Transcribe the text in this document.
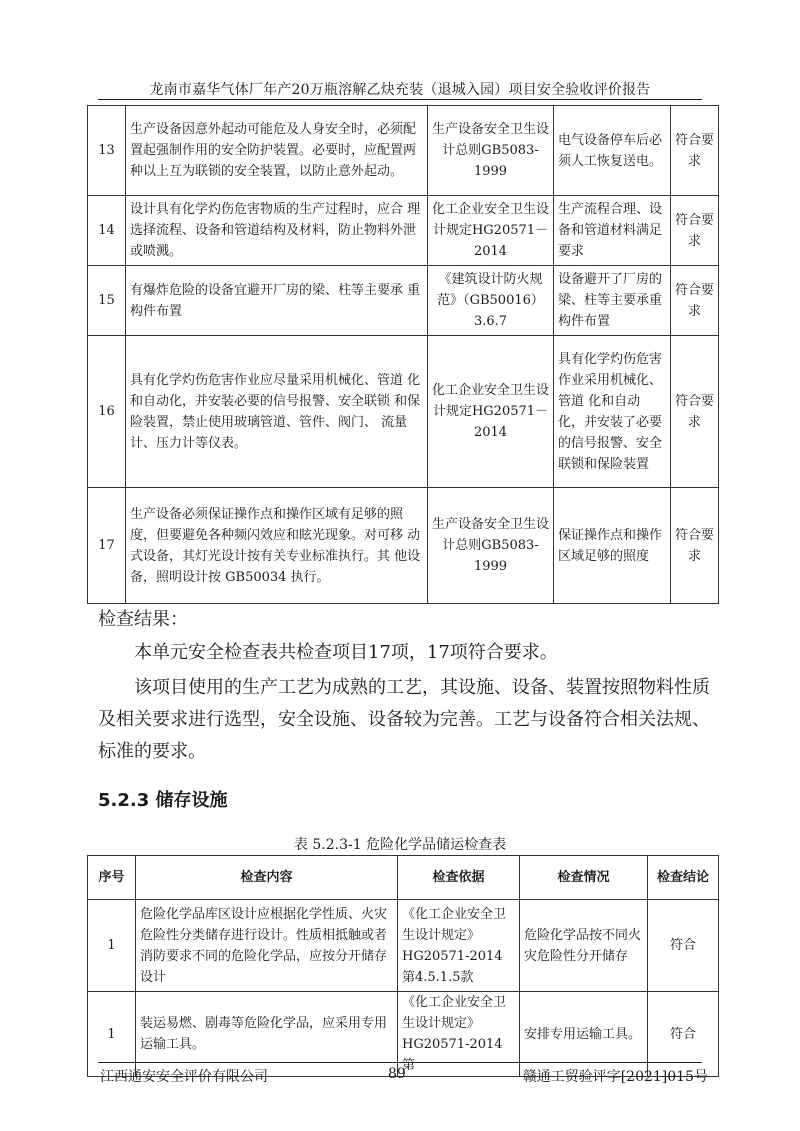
龙南市嘉华气体厂年产20万瓶溶解乙炔充装（退城入园）项目安全验收评价报告
13	生产设备因意外起动可能危及人身安全时，必须配置起强制作用的安全防护装置。必要时，应配置两种以上互为联锁的安全装置，以防止意外起动。	生产设备安全卫生设计总则GB5083-1999	电气设备停车后必须人工恢复送电。	符合要求
14	设计具有化学灼伤危害物质的生产过程时，应合 理选择流程、设备和管道结构及材料，防止物料外泄或喷溅。	化工企业安全卫生设计规定HG20571－2014	生产流程合理、设备和管道材料满足要求	符合要求
15	有爆炸危险的设备宜避开厂房的梁、柱等主要承 重构件布置	《建筑设计防火规范》（GB50016）3.6.7	设备避开了厂房的梁、柱等主要承重构件布置	符合要求
16	具有化学灼伤危害作业应尽量采用机械化、管道 化和自动化，并安装必要的信号报警、安全联锁 和保险装置，禁止使用玻璃管道、管件、阀门、 流量计、压力计等仪表。	化工企业安全卫生设计规定HG20571－2014	具有化学灼伤危害作业采用机械化、管道 化和自动化，并安装了必要的信号报警、安全联锁和保险装置	符合要求
17	生产设备必须保证操作点和操作区域有足够的照 度，但要避免各种频闪效应和眩光现象。对可移 动式设备，其灯光设计按有关专业标准执行。其 他设备，照明设计按 GB50034 执行。	生产设备安全卫生设计总则GB5083-1999	保证操作点和操作区域足够的照度	符合要求
检查结果：
本单元安全检查表共检查项目17项，17项符合要求。
该项目使用的生产工艺为成熟的工艺，其设施、设备、装置按照物料性质及相关要求进行选型，安全设施、设备较为完善。工艺与设备符合相关法规、标准的要求。
5.2.3 储存设施
表 5.2.3-1 危险化学品储运检查表
序号	检查内容	检查依据	检查情况	检查结论
1	危险化学品库区设计应根据化学性质、火灾危险性分类储存进行设计。性质相抵触或者消防要求不同的危险化学品，应按分开储存设计	《化工企业安全卫生设计规定》HG20571-2014 第4.5.1.5款	危险化学品按不同火灾危险性分开储存	符合
1	装运易燃、剧毒等危险化学品，应采用专用运输工具。	《化工企业安全卫生设计规定》HG20571-2014 第	安排专用运输工具。	符合
江西通安安全评价有限公司	89	赣通工贸验评字[2021]015号
